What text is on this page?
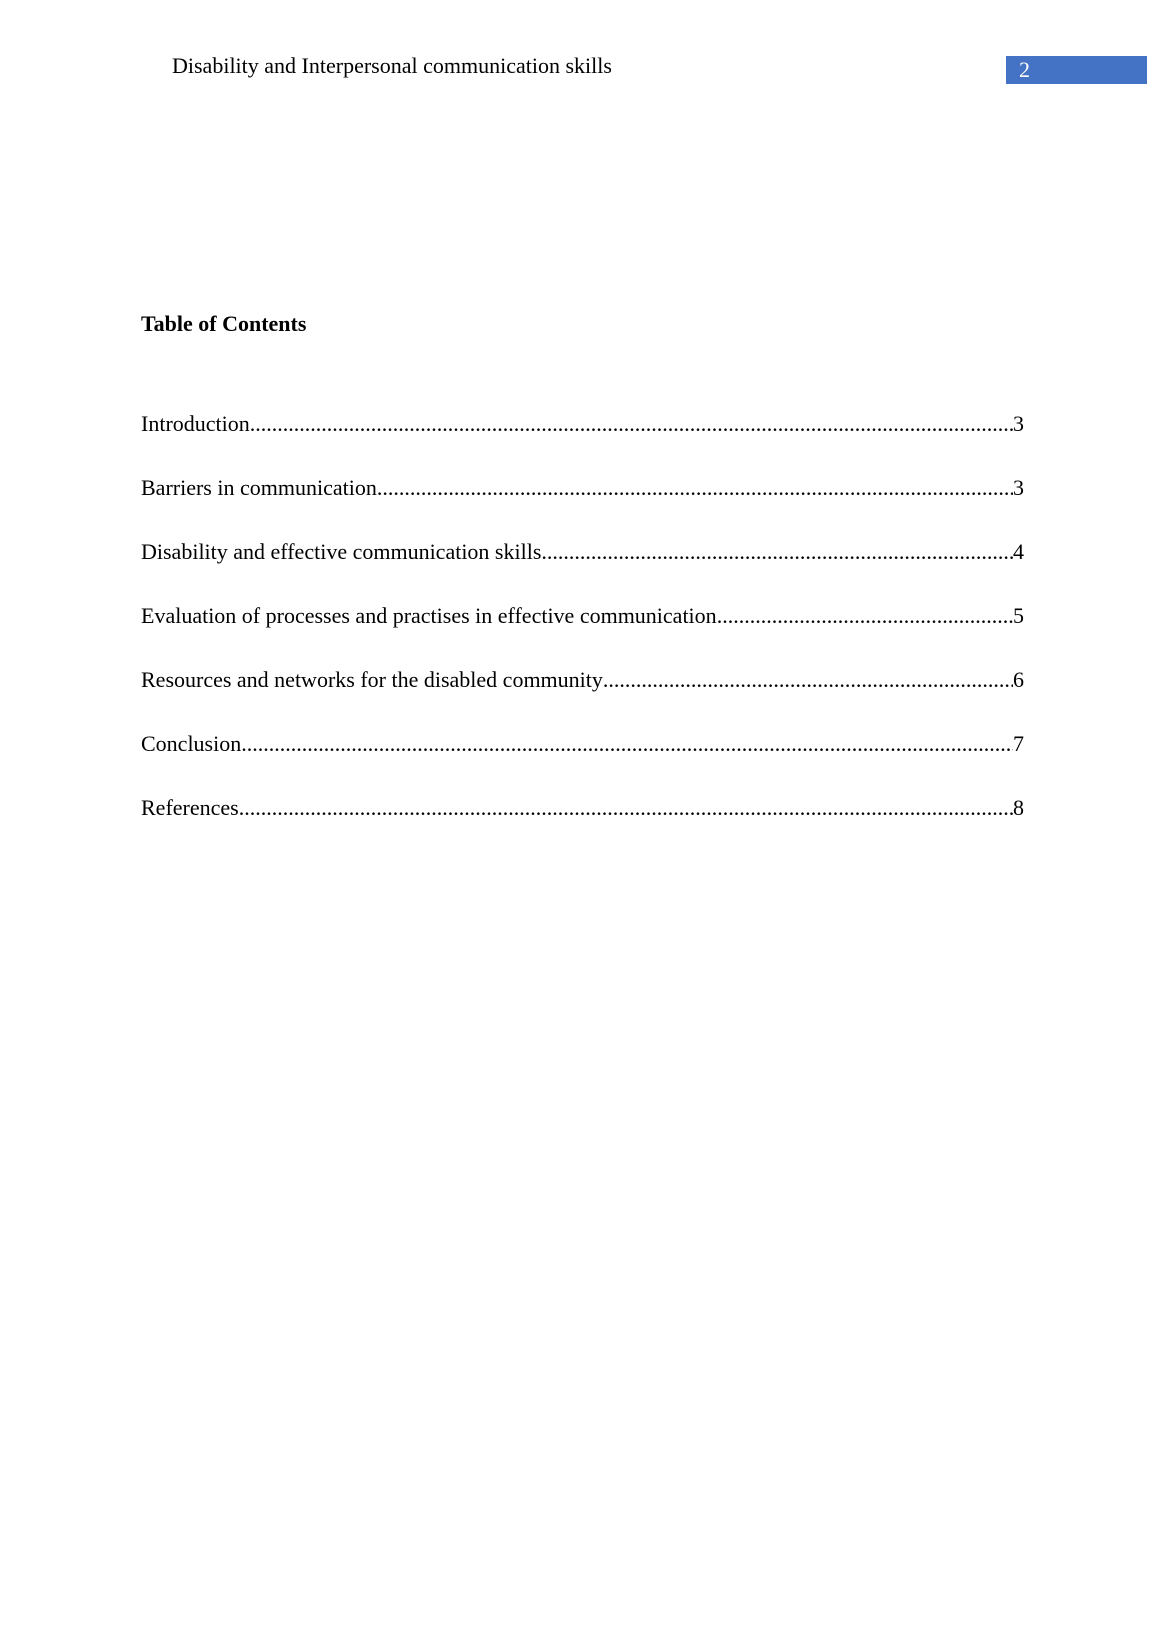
Disability and Interpersonal communication skills	2
Table of Contents
Introduction .....	3
Barriers in communication .....	3
Disability and effective communication skills .....	4
Evaluation of processes and practises in effective communication .....	5
Resources and networks for the disabled community .....	6
Conclusion .....	7
References .....	8
